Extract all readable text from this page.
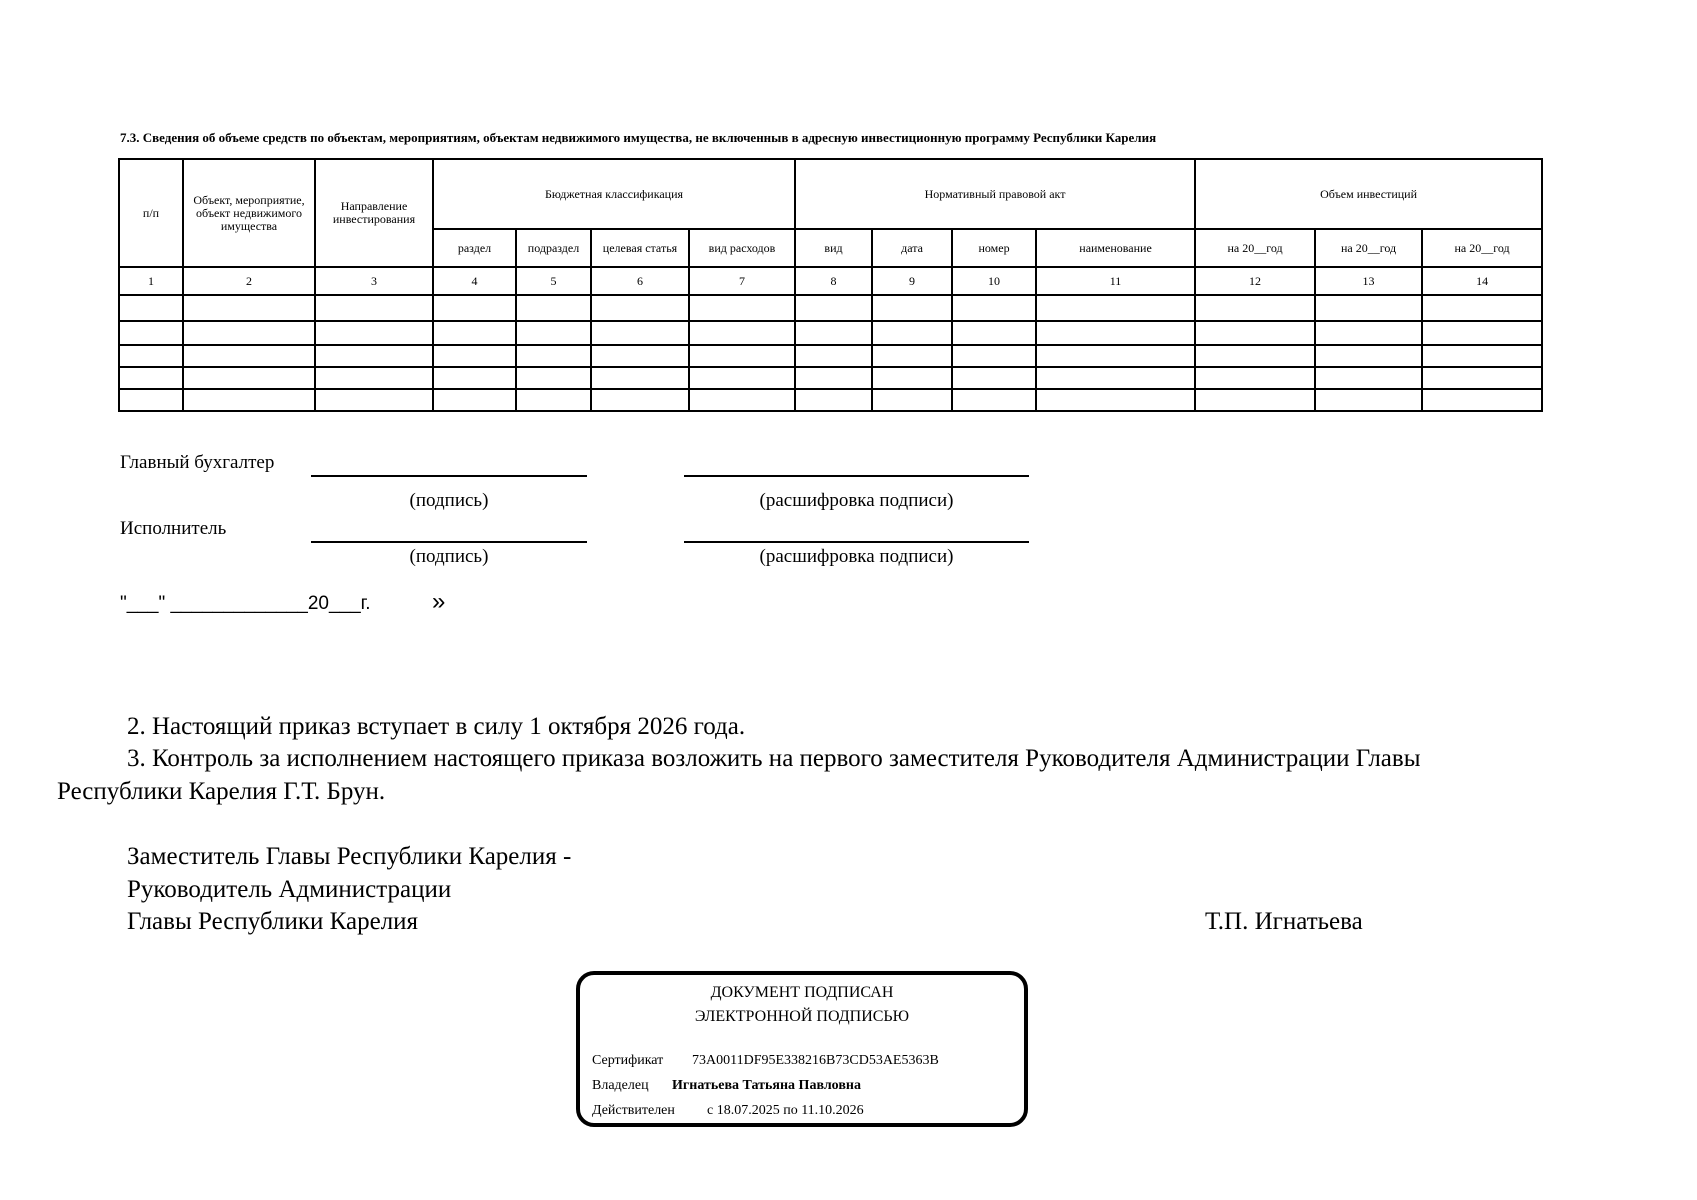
7.3. Сведения об объеме средств по объектам, мероприятиям, объектам недвижимого имущества, не включенныв в адресную инвестиционную программу Республики Карелия
п/п	Объект, мероприятие, объект недвижимого имущества	Направление инвестирования	Бюджетная классификация				Нормативный правовой акт				Объем инвестиций		
			раздел	подраздел	целевая статья	вид расходов	вид	дата	номер	наименование	на 20__год	на 20__год	на 20__год
1	2	3	4	5	6	7	8	9	10	11	12	13	14

Главный бухгалтер
(подпись)	(расшифровка подписи)
Исполнитель
(подпись)	(расшифровка подписи)
"___" _____________20___г.	»
2. Настоящий приказ вступает в силу 1 октября 2026 года.
3. Контроль за исполнением настоящего приказа возложить на первого заместителя Руководителя Администрации Главы
Республики Карелия Г.Т. Брун.
Заместитель Главы Республики Карелия -
Руководитель Администрации
Главы Республики Карелия	Т.П. Игнатьева
ДОКУМЕНТ ПОДПИСАН
ЭЛЕКТРОННОЙ ПОДПИСЬЮ
Сертификат 73A0011DF95E338216B73CD53AE5363B
Владелец Игнатьева Татьяна Павловна
Действителен с 18.07.2025 по 11.10.2026
